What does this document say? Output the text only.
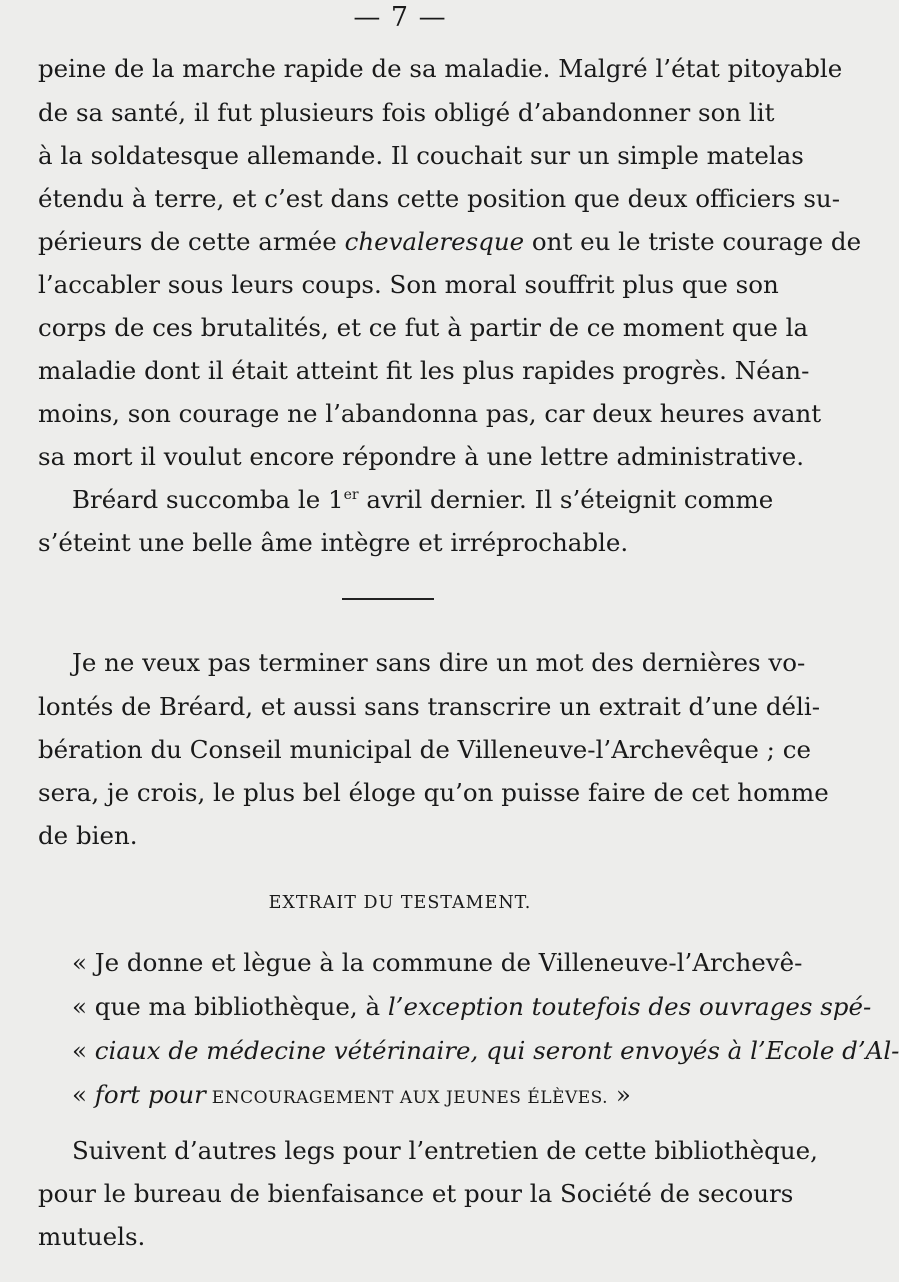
— 7 —
peine de la marche rapide de sa maladie. Malgré l’état pitoyable
de sa santé, il fut plusieurs fois obligé d’abandonner son lit
à la soldatesque allemande. Il couchait sur un simple matelas
étendu à terre, et c’est dans cette position que deux officiers su-
périeurs de cette armée chevaleresque ont eu le triste courage de
l’accabler sous leurs coups. Son moral souffrit plus que son
corps de ces brutalités, et ce fut à partir de ce moment que la
maladie dont il était atteint fit les plus rapides progrès. Néan-
moins, son courage ne l’abandonna pas, car deux heures avant
sa mort il voulut encore répondre à une lettre administrative.
Bréard succomba le 1er avril dernier. Il s’éteignit comme
s’éteint une belle âme intègre et irréprochable.
Je ne veux pas terminer sans dire un mot des dernières vo-
lontés de Bréard, et aussi sans transcrire un extrait d’une déli-
bération du Conseil municipal de Villeneuve-l’Archevêque ; ce
sera, je crois, le plus bel éloge qu’on puisse faire de cet homme
de bien.
EXTRAIT DU TESTAMENT.
« Je donne et lègue à la commune de Villeneuve-l’Archevê-
« que ma bibliothèque, à l’exception toutefois des ouvrages spé-
« ciaux de médecine vétérinaire, qui seront envoyés à l’Ecole d’Al-
« fort pour ENCOURAGEMENT AUX JEUNES ÉLÈVES. »
Suivent d’autres legs pour l’entretien de cette bibliothèque,
pour le bureau de bienfaisance et pour la Société de secours
mutuels.
